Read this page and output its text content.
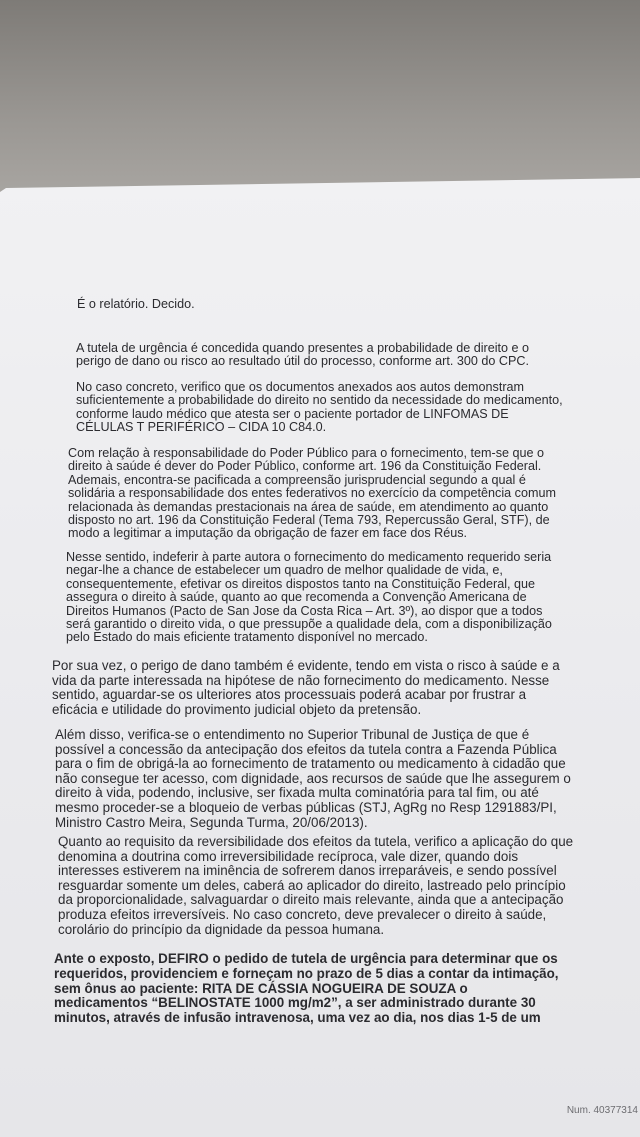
É o relatório. Decido.

A tutela de urgência é concedida quando presentes a probabilidade de direito e o
perigo de dano ou risco ao resultado útil do processo, conforme art. 300 do CPC.

No caso concreto, verifico que os documentos anexados aos autos demonstram
suficientemente a probabilidade do direito no sentido da necessidade do medicamento,
conforme laudo médico que atesta ser o paciente portador de LINFOMAS DE
CÉLULAS T PERIFÉRICO – CIDA 10 C84.0.

Com relação à responsabilidade do Poder Público para o fornecimento, tem-se que o
direito à saúde é dever do Poder Público, conforme art. 196 da Constituição Federal.
Ademais, encontra-se pacificada a compreensão jurisprudencial segundo a qual é
solidária a responsabilidade dos entes federativos no exercício da competência comum
relacionada às demandas prestacionais na área de saúde, em atendimento ao quanto
disposto no art. 196 da Constituição Federal (Tema 793, Repercussão Geral, STF), de
modo a legitimar a imputação da obrigação de fazer em face dos Réus.

Nesse sentido, indeferir à parte autora o fornecimento do medicamento requerido seria
negar-lhe a chance de estabelecer um quadro de melhor qualidade de vida, e,
consequentemente, efetivar os direitos dispostos tanto na Constituição Federal, que
assegura o direito à saúde, quanto ao que recomenda a Convenção Americana de
Direitos Humanos (Pacto de San Jose da Costa Rica – Art. 3º), ao dispor que a todos
será garantido o direito vida, o que pressupõe a qualidade dela, com a disponibilização
pelo Estado do mais eficiente tratamento disponível no mercado.

Por sua vez, o perigo de dano também é evidente, tendo em vista o risco à saúde e a
vida da parte interessada na hipótese de não fornecimento do medicamento. Nesse
sentido, aguardar-se os ulteriores atos processuais poderá acabar por frustrar a
eficácia e utilidade do provimento judicial objeto da pretensão.

Além disso, verifica-se o entendimento no Superior Tribunal de Justiça de que é
possível a concessão da antecipação dos efeitos da tutela contra a Fazenda Pública
para o fim de obrigá-la ao fornecimento de tratamento ou medicamento à cidadão que
não consegue ter acesso, com dignidade, aos recursos de saúde que lhe assegurem o
direito à vida, podendo, inclusive, ser fixada multa cominatória para tal fim, ou até
mesmo proceder-se a bloqueio de verbas públicas (STJ, AgRg no Resp 1291883/PI,
Ministro Castro Meira, Segunda Turma, 20/06/2013).

Quanto ao requisito da reversibilidade dos efeitos da tutela, verifico a aplicação do que
denomina a doutrina como irreversibilidade recíproca, vale dizer, quando dois
interesses estiverem na iminência de sofrerem danos irreparáveis, e sendo possível
resguardar somente um deles, caberá ao aplicador do direito, lastreado pelo princípio
da proporcionalidade, salvaguardar o direito mais relevante, ainda que a antecipação
produza efeitos irreversíveis. No caso concreto, deve prevalecer o direito à saúde,
corolário do princípio da dignidade da pessoa humana.

Ante o exposto, DEFIRO o pedido de tutela de urgência para determinar que os
requeridos, providenciem e forneçam no prazo de 5 dias a contar da intimação,
sem ônus ao paciente: RITA DE CÁSSIA NOGUEIRA DE SOUZA o
medicamentos “BELINOSTATE 1000 mg/m2”, a ser administrado durante 30
minutos, através de infusão intravenosa, uma vez ao dia, nos dias 1-5 de um

Num. 40377314
